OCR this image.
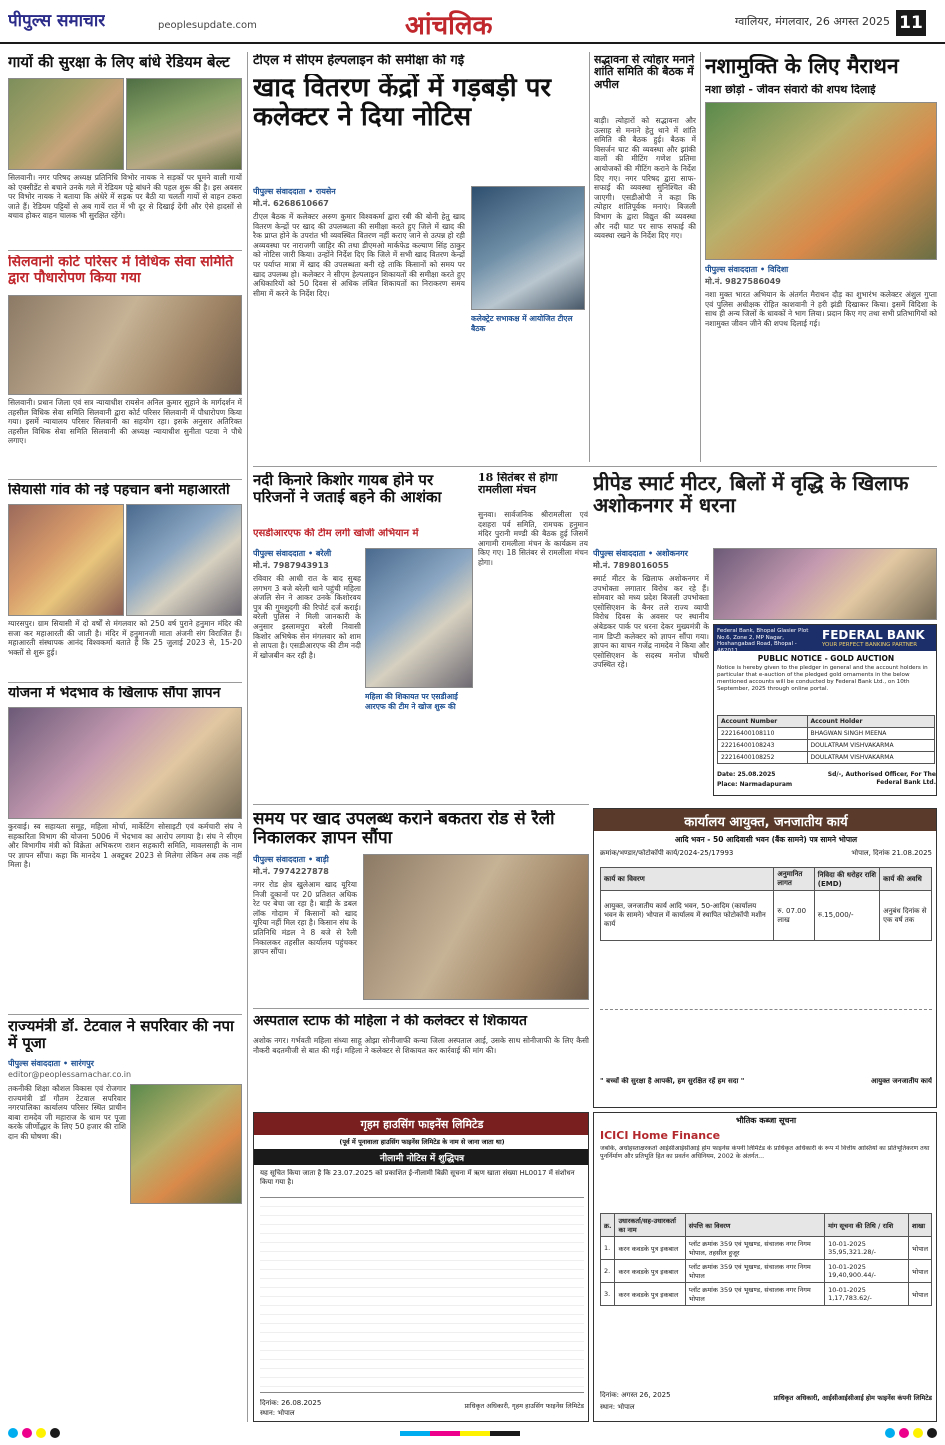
पीपुल्स समाचार	peoplesupdate.com	आंचलिक	ग्वालियर, मंगलवार, 26 अगस्त 2025 11
गायों की सुरक्षा के लिए बांधे रेडियम बेल्ट
सिलवानी। नगर परिषद अध्यक्ष प्रतिनिधि विभोर नायक ने सड़कों पर घूमने वाली गायों को एक्सीडेंट से बचाने उनके गले में रेडियम पट्टे बांधने की पहल शुरू की है। इस अवसर पर विभोर नायक ने बताया कि अंधेरे में सड़क पर बैठी या चलती गायों से वाहन टकरा जाते हैं। रेडियम पट्टियों से अब गायें रात में भी दूर से दिखाई देंगी और ऐसे हादसों से बचाव होकर वाहन चालक भी सुरक्षित रहेंगे।
सिलवानी कोर्ट परिसर में विधिक सेवा समिति द्वारा पौधारोपण किया गया
सिलवानी। प्रधान जिला एवं सत्र न्यायाधीश रायसेन अनिल कुमार सुहाने के मार्गदर्शन में तहसील विधिक सेवा समिति सिलवानी द्वारा कोर्ट परिसर सिलवानी में पौधारोपण किया गया। इसमें न्यायालय परिसर सिलवानी का सहयोग रहा। इसके अनुसार अतिरिक्त तहसील विधिक सेवा समिति सिलवानी की अध्यक्ष न्यायाधीश सुनीता पटवा ने पौधे लगाए।
सियासी गांव की नई पहचान बनी महाआरती
ग्यारसपुर। ग्राम सियासी में दो वर्षों से मंगलवार को 250 वर्ष पुराने हनुमान मंदिर की सजा कर महाआरती की जाती है। मंदिर में हनुमानजी माता अंजनी संग विराजित हैं। महाआरती संस्थापक आनंद विश्वकर्मा बताते हैं कि 25 जुलाई 2023 से, 15-20 भक्तों से शुरू हुई।
योजना में भेदभाव के खिलाफ सौंपा ज्ञापन
कुरवाई। स्व सहायता समूह, महिला मोर्चा, मार्केटिंग सोसाइटी एवं कर्मचारी संघ ने सहकारिता विभाग की योजना 5006 में भेदभाव का आरोप लगाया है। संघ ने सीएम और विभागीय मंत्री को विक्रेता अभिकरण राशन सहकारी समिति, मावलसाही के नाम पर ज्ञापन सौंपा। कहा कि मानदेय 1 अक्टूबर 2023 से मिलेगा लेकिन अब तक नहीं मिला है।
राज्यमंत्री डॉ. टेटवाल ने सपरिवार की नपा में पूजा
पीपुल्स संवाददाता • सारंगपुर
editor@peoplessamachar.co.in
तकनीकी शिक्षा कौशल विकास एवं रोजगार राज्यमंत्री डॉ गौतम टेटवाल सपरिवार नगरपालिका कार्यालय परिसर स्थित प्राचीन बाबा रामदेव जी महाराज के धाम पर पूजा करके जीर्णोद्धार के लिए 50 हजार की राशि दान की घोषणा की।
टीएल में सीएम हेल्पलाइन की समीक्षा की गई
खाद वितरण केंद्रों में गड़बड़ी पर कलेक्टर ने दिया नोटिस
पीपुल्स संवाददाता • रायसेन
मो.नं. 6268610667
टीएल बैठक में कलेक्टर अरुण कुमार विश्वकर्मा द्वारा रबी की बोनी हेतु खाद वितरण केन्द्रों पर खाद की उपलब्धता की समीक्षा करते हुए जिले में खाद की रैक प्राप्त होने के उपरांत भी व्यवस्थित वितरण नहीं कराए जाने से उत्पन्न हो रही अव्यवस्था पर नाराजगी जाहिर की तथा डीएमओ मार्कफेड कल्याण सिंह ठाकुर को नोटिस जारी किया। उन्होंने निर्देश दिए कि जिले में सभी खाद वितरण केन्द्रों पर पर्याप्त मात्रा में खाद की उपलब्धता बनी रहे ताकि किसानों को समय पर खाद उपलब्ध हो। कलेक्टर ने सीएम हेल्पलाइन शिकायतों की समीक्षा करते हुए अधिकारियों को 50 दिवस से अधिक लंबित शिकायतों का निराकरण समय सीमा में करने के निर्देश दिए।
कलेक्ट्रेट सभाकक्ष में आयोजित टीएल बैठक
सद्भावना से त्योहार मनाने शांति समिति की बैठक में अपील
बाड़ी। त्योहारों को सद्भावना और उत्साह से मनाने हेतु थाने में शांति समिति की बैठक हुई। बैठक में विसर्जन घाट की व्यवस्था और झांकी वालों की मीटिंग गणेश प्रतिमा आयोजकों की मीटिंग कराने के निर्देश दिए गए। नगर परिषद द्वारा साफ-सफाई की व्यवस्था सुनिश्चित की जाएगी। एसडीओपी ने कहा कि त्योहार शांतिपूर्वक मनाएं। बिजली विभाग के द्वारा विद्युत की व्यवस्था और नदी घाट पर साफ सफाई की व्यवस्था रखने के निर्देश दिए गए।
नशामुक्ति के लिए मैराथन
नशा छोड़ो - जीवन संवारो की शपथ दिलाई
पीपुल्स संवाददाता • विदिशा
मो.नं. 9827586049
नशा मुक्त भारत अभियान के अंतर्गत मैराथन दौड़ का शुभारंभ कलेक्टर अंशुल गुप्ता एवं पुलिस अधीक्षक रोहित काशवानी ने हरी झंडी दिखाकर किया। इसमें विदिशा के साथ ही अन्य जिलों के धावकों ने भाग लिया। प्रदान किए गए तथा सभी प्रतिभागियों को नशामुक्त जीवन जीने की शपथ दिलाई गई।
नदी किनारे किशोर गायब होने पर परिजनों ने जताई बहने की आशंका
एसडीआरएफ की टीम लगी खोजी अभियान में
पीपुल्स संवाददाता • बरेली
मो.नं. 7987943913
रविवार की आधी रात के बाद सुबह लगभग 3 बजे बरेली थाने पहुंची महिला अंजलि सेन ने आकर उनके किशोरवय पुत्र की गुमशुदगी की रिपोर्ट दर्ज कराई। बरेली पुलिस ने मिली जानकारी के अनुसार इस्लामपुरा बरेली निवासी किशोर अभिषेक सेन मंगलवार को शाम से लापता है। एसडीआरएफ की टीम नदी में खोजबीन कर रही है।
महिला की शिकायत पर एसडीआई आरएफ की टीम ने खोज शुरू की
18 सितंबर से होगा रामलीला मंचन
सुनवा। सार्वजनिक श्रीरामलीला एवं दशहरा पर्व समिति, रामचक हनुमान मंदिर पुरानी मण्डी की बैठक हुई जिसमें आगामी रामलीला मंचन के कार्यक्रम तय किए गए। 18 सितंबर से रामलीला मंचन होगा।
प्रीपेड स्मार्ट मीटर, बिलों में वृद्धि के खिलाफ अशोकनगर में धरना
पीपुल्स संवाददाता • अशोकनगर
मो.नं. 7898016055
स्मार्ट मीटर के खिलाफ अशोकनगर में उपभोक्ता लगातार विरोध कर रहे हैं। सोमवार को मध्य प्रदेश बिजली उपभोक्ता एसोसिएशन के बैनर तले राज्य व्यापी विरोध दिवस के अवसर पर स्थानीय अंबेडकर पार्क पर धरना देकर मुख्यमंत्री के नाम डिप्टी कलेक्टर को ज्ञापन सौंपा गया। ज्ञापन का वाचन गजेंद्र नामदेव ने किया और एसोसिएशन के सदस्य मनोज चौधरी उपस्थित रहे।
FEDERAL BANK
YOUR PERFECT BANKING PARTNER
Federal Bank, Bhopal Glasier Plot No.6, Zone 2, MP Nagar, Hoshangabad Road, Bhopal - 462011
PUBLIC NOTICE - GOLD AUCTION
Notice is hereby given to the pledger in general and the account holders in particular that e-auction of the pledged gold ornaments in the below mentioned accounts will be conducted by Federal Bank Ltd., on 10th September, 2025 through online portal.
Account Number	Account Holder
22216400108110	BHAGWAN SINGH MEENA
22216400108243	DOULATRAM VISHVAKARMA
22216400108252	DOULATRAM VISHVAKARMA
Date: 25.08.2025
Place: Narmadapuram
Sd/-, Authorised Officer, For The Federal Bank Ltd.
समय पर खाद उपलब्ध कराने बकतरा रोड से रैली निकालकर ज्ञापन सौंपा
पीपुल्स संवाददाता • बाड़ी
मो.नं. 7974227878
नगर रोड क्षेत्र खुलेआम खाद यूरिया निजी दुकानों पर 20 प्रतिशत अधिक रेट पर बेचा जा रहा है। बाड़ी के डबल लॉक गोदाम में किसानों को खाद यूरिया नहीं मिल रहा है। किसान संघ के प्रतिनिधि मंडल ने 8 बजे से रैली निकालकर तहसील कार्यालय पहुंचकर ज्ञापन सौंपा।
अस्पताल स्टाफ की महिला ने की कलेक्टर से शिकायत
अशोक नगर। गर्भवती महिला संध्या साहू ओझा सोनीजाफी कन्या जिला अस्पताल आई, उसके साथ सोनीजाफी के लिए कैसी नौकरी बदतमीजी से बात की गई। महिला ने कलेक्टर से शिकायत कर कार्रवाई की मांग की।
कार्यालय आयुक्त, जनजातीय कार्य
आदि भवन - 50 आदिवासी भवन (बैंक सामने) पत्र सामने भोपाल
क्रमांक/भण्डार/फोटोकॉपी कार्य/2024-25/17993	भोपाल, दिनांक 21.08.2025
कार्य का विवरण	अनुमानित लागत	निविदा की धरोहर राशि (EMD)	कार्य की अवधि
आयुक्त, जनजातीय कार्य आदि भवन, 50-आदिम (कार्यालय भवन के सामने) भोपाल में कार्यालय में स्थापित फोटोकॉपी मशीन कार्य	रु. 07.00 लाख	रु.15,000/-	अनुबंध दिनांक से एक वर्ष तक
" बच्चों की सुरक्षा है आपकी, हम सुरक्षित रहें हम सदा "	आयुक्त जनजातीय कार्य
गृहम हाउसिंग फाइनेंस लिमिटेड
(पूर्व में पूनावाला हाउसिंग फाइनेंस लिमिटेड के नाम से जाना जाता था)
नीलामी नोटिस में शुद्धिपत्र
यह सूचित किया जाता है कि 23.07.2025 को प्रकाशित ई-नीलामी बिक्री सूचना में ऋण खाता संख्या HL0017 में संशोधन किया गया है।
दिनांक: 26.08.2025
स्थान: भोपाल
प्राधिकृत अधिकारी, गृहम हाउसिंग फाइनेंस लिमिटेड
भौतिक कब्जा सूचना
ICICI Home Finance
जबकि, अधोहस्ताक्षरकर्ता आईसीआईसीआई होम फाइनेंस कंपनी लिमिटेड के प्राधिकृत अधिकारी के रूप में वित्तीय आस्तियों का प्रतिभूतिकरण तथा पुनर्निर्माण और प्रतिभूति हित का प्रवर्तन अधिनियम, 2002 के अंतर्गत...
क्र.	उधारकर्ता/सह-उधारकर्ता का नाम	संपत्ति का विवरण	मांग सूचना की तिथि / राशि	शाखा
1.	करन कवडके पुत्र इकबाल	प्लॉट क्रमांक 359 एवं भूखण्ड, संचालक नगर निगम भोपाल, तहसील हुजूर	10-01-2025 35,95,321.28/-	भोपाल
2.	करन कवडके पुत्र इकबाल	प्लॉट क्रमांक 359 एवं भूखण्ड, संचालक नगर निगम भोपाल	10-01-2025 19,40,900.44/-	भोपाल
3.	करन कवडके पुत्र इकबाल	प्लॉट क्रमांक 359 एवं भूखण्ड, संचालक नगर निगम भोपाल	10-01-2025 1,17,783.62/-	भोपाल
दिनांक: अगस्त 26, 2025
स्थान: भोपाल
प्राधिकृत अधिकारी, आईसीआईसीआई होम फाइनेंस कंपनी लिमिटेड
